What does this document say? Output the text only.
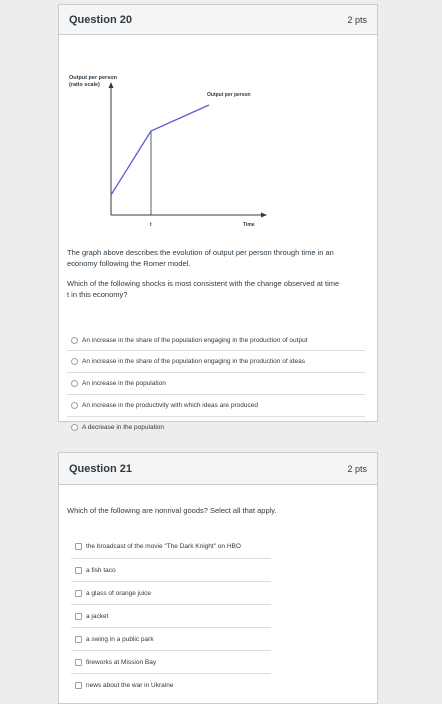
Question 20	2 pts
Output per person
(ratio scale)
Output per person
t	Time

The graph above describes the evolution of output per person through time in an economy following the Romer model.

Which of the following shocks is most consistent with the change observed at time t in this economy?

An increase in the share of the population engaging in the production of output
An increase in the share of the population engaging in the production of ideas
An increase in the population
An increase in the productivity with which ideas are produced
A decrease in the population
Question 21	2 pts

Which of the following are nonrival goods? Select all that apply.

the broadcast of the movie "The Dark Knight" on HBO
a fish taco
a glass of orange juice
a jacket
a swing in a public park
fireworks at Mission Bay
news about the war in Ukraine
